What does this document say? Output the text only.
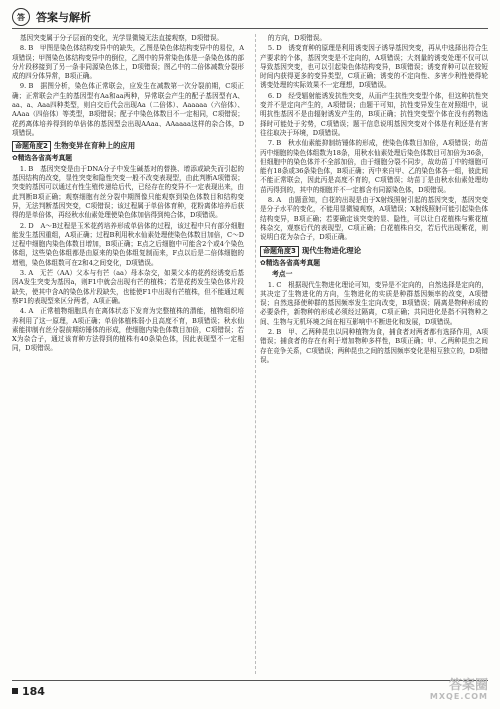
答 答案与解析

基因突变属于分子层面的变化，光学显微镜无法直接观察，D项错误。

8. B　甲图是染色体结构变异中的缺失，乙图是染色体结构变异中的易位，A项错误；甲图染色体结构变异中的倒位，乙图中的异常染色体是一条染色体的部分片段移接到了另一条非同源染色体上，D项错误；图乙中的二倍体减数分裂形成的四分体异常，B项正确。

9. B　据图分析，染色体正常联会，应发生在减数第一次分裂前期，C项正确；正常联会产生的基因型有Aa和aa两种，异常联会产生的配子基因型有A、aa、a、Aaa四种类型，则自交后代会出现Aa（二倍体）、Aaaaaa（六倍体）、AAaa（四倍体）等类型，B项错误；配子中染色体数目不一定相同，C项错误；花药离体培养得到的单倍体的基因型会出现AAaa、AAaaaa这样的杂合体，D项错误。

命题角度2 生物变异在育种上的应用
✿精选各省高考真题

1. B　基因突变是由于DNA分子中发生碱基对的替换、增添或缺失而引起的基因结构的改变，显性突变和隐性突变一般不改变表现型，由此判断A项错误；突变的基因可以通过有性生殖传递给后代，已经存在的变异不一定表现出来，由此判断B项正确；观察细胞有丝分裂中期图像只能观察到染色体数目和结构变异，无法判断基因突变，C项错误；该过程属于单倍体育种，花粉离体培养后获得的是单倍体，再经秋水仙素处理使染色体加倍得到纯合体，D项错误。

2. D　A～B过程是玉米花药培养形成单倍体的过程，该过程中只有部分细胞能发生基因重组，A项正确；过程B利用秋水仙素处理使染色体数目加倍，C～D过程中细胞内染色体数目增加，B项正确；E点之后细胞中可能含2个或4个染色体组，这些染色体组都是由原来的染色体组复制而来，F点以后是二倍体细胞的增殖，染色体组数可在2和4之间变化，D项错误。

3. A　无芒（AA）父本与有芒（aa）母本杂交，如果父本的花药经诱变后基因A发生突变为基因a，则F1中就会出现有芒的植株；若是花药发生染色体片段缺失，使其中含A的染色体片段缺失，也能使F1中出现有芒植株，但不能通过观察F1的表现型来区分两者，A项正确。

4. A　正常植物细胞具有在离体状态下发育为完整植株的潜能，植物组织培养利用了这一原理，A项正确；单倍体植株弱小且高度不育，B项错误；秋水仙素能抑制有丝分裂前期纺锤体的形成，使细胞内染色体数目加倍，C项错误；若X为杂合子，通过该育种方法得到的植株有40条染色体，因此表现型不一定相同，D项错误。

的方向，D项错误。

5. D　诱变育种的原理是利用诱变因子诱导基因突变，再从中选择出符合生产要求的个体，基因突变是不定向的，A项错误；大剂量的诱变处理不仅可以导致基因突变，也可以引起染色体结构变异，B项错误；诱变育种可以在较短时间内获得更多的变异类型，C项正确；诱变的不定向性、多害少利性使得轮诱变处理的实际效果不一定理想，D项错误。

6. D　经受辐射能诱发抗性突变，从而产生抗性突变型个体，但这种抗性突变并不是定向产生的，A项错误；由题干可知，抗性变异发生在对照组中，说明抗性基因不是由辐射诱发产生的，B项正确；抗性突变型个体在没有药物选择时可能处于劣势，C项错误；题干信息说明基因突变对个体是有利还是有害往往取决于环境，D项错误。

7. B　秋水仙素能抑制纺锤体的形成，使染色体数目加倍，A项错误；幼苗丙中细胞的染色体组数为18条，用秋水仙素处理后染色体数目可加倍为36条，但细胞中的染色体并不全部加倍，由于细胞分裂不同步，故幼苗丁中的细胞可能有18条或36条染色体，B项正确；丙中来自甲、乙的染色体各一组，彼此间不能正常联会，因此丙是高度不育的，C项错误；幼苗丁是由秋水仙素处理幼苗丙得到的，其中的细胞并不一定都含有同源染色体，D项错误。

8. A　由题意知，白花的出现是由于X射线照射引起的基因突变，基因突变是分子水平的变化，不能用显微镜观察，A项错误；X射线照射可能引起染色体结构变异，B项正确；若要确定该突变的显、隐性，可以让白花植株与紫花植株杂交，观察后代的表现型，C项正确；白花植株自交，若后代出现紫花，则说明白花为杂合子，D项正确。

命题角度3 现代生物进化理论
✿精选各省高考真题
考点一

1. C　根据现代生物进化理论可知，变异是不定向的，自然选择是定向的，其决定了生物进化的方向，生物进化的实质是种群基因频率的改变，A项错误；自然选择使种群的基因频率发生定向改变，B项错误；隔离是物种形成的必要条件，新物种的形成必须经过隔离，C项正确；共同进化是指不同物种之间、生物与无机环境之间在相互影响中不断进化和发展，D项错误。

2. B　甲、乙两种昆虫以同种植物为食，捕食者对两者都有选择作用，A项错误；捕食者的存在有利于增加物种多样性，B项正确；甲、乙两种昆虫之间存在竞争关系，C项错误；两种昆虫之间的基因频率变化是相互独立的，D项错误。

184	答案圈
MXQE.COM
